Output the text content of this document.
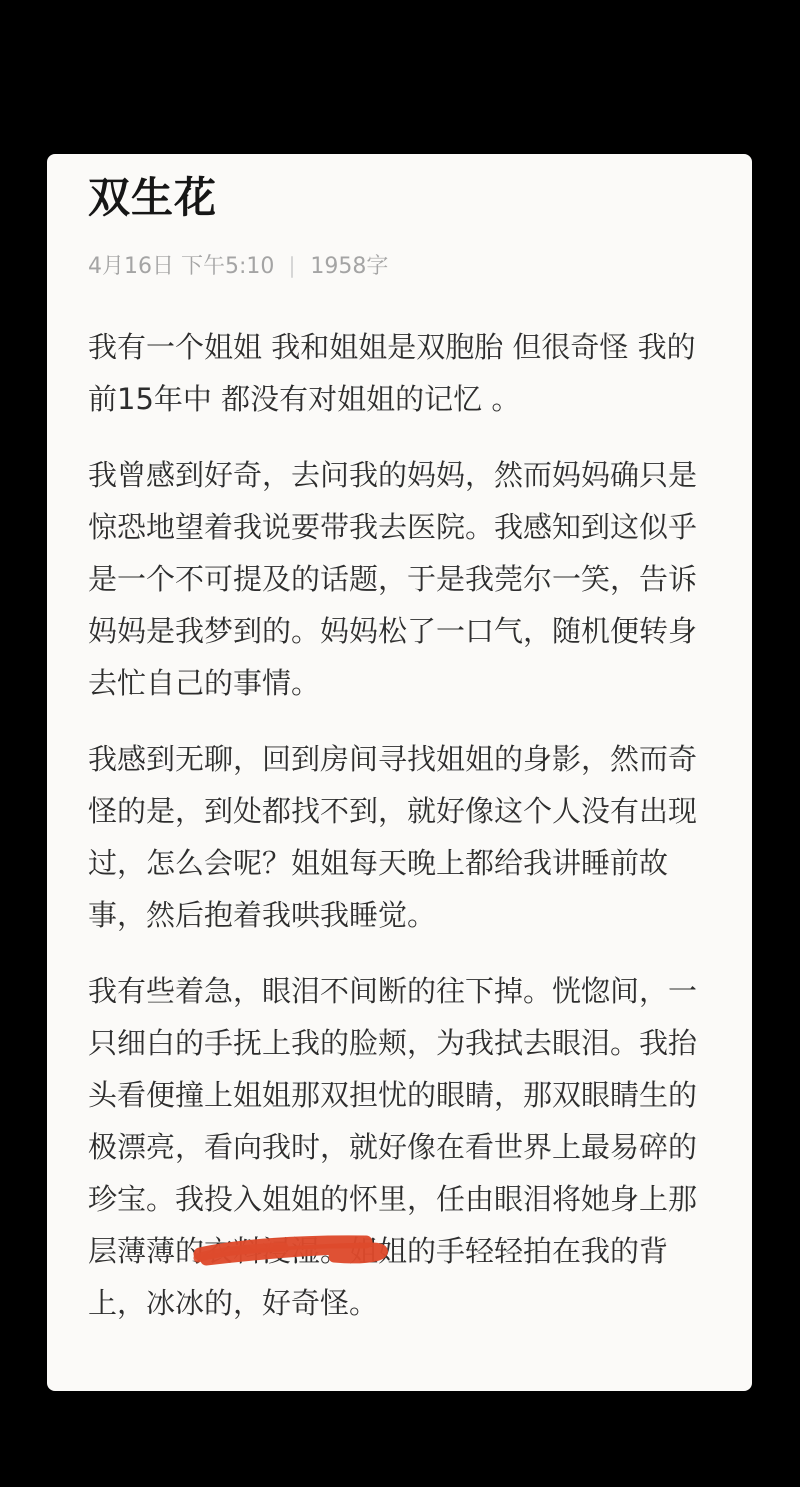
双生花
4月16日 下午5:10 1958字

我有一个姐姐 我和姐姐是双胞胎 但很奇怪 我的前15年中 都没有对姐姐的记忆 。

我曾感到好奇，去问我的妈妈，然而妈妈确只是惊恐地望着我说要带我去医院。我感知到这似乎是一个不可提及的话题，于是我莞尔一笑，告诉妈妈是我梦到的。妈妈松了一口气，随机便转身去忙自己的事情。

我感到无聊，回到房间寻找姐姐的身影，然而奇怪的是，到处都找不到，就好像这个人没有出现过，怎么会呢？姐姐每天晚上都给我讲睡前故事，然后抱着我哄我睡觉。

我有些着急，眼泪不间断的往下掉。恍惚间，一只细白的手抚上我的脸颊，为我拭去眼泪。我抬头看便撞上姐姐那双担忧的眼睛，那双眼睛生的极漂亮，看向我时，就好像在看世界上最易碎的珍宝。我投入姐姐的怀里，任由眼泪将她身上那层薄薄的衣料浸湿
。姐姐的手轻轻拍在我的背上，冰冰的，好奇怪。
